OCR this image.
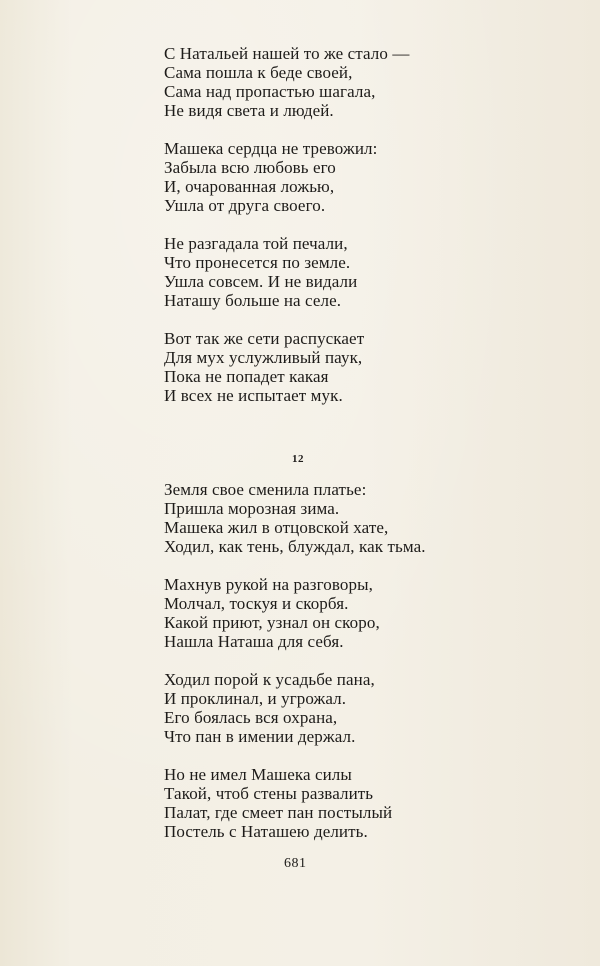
С Натальей нашей то же стало —
Сама пошла к беде своей,
Сама над пропастью шагала,
Не видя света и людей.
Машека сердца не тревожил:
Забыла всю любовь его
И, очарованная ложью,
Ушла от друга своего.
Не разгадала той печали,
Что пронесется по земле.
Ушла совсем. И не видали
Наташу больше на селе.
Вот так же сети распускает
Для мух услужливый паук,
Пока не попадет какая
И всех не испытает мук.
12
Земля свое сменила платье:
Пришла морозная зима.
Машека жил в отцовской хате,
Ходил, как тень, блуждал, как тьма.
Махнув рукой на разговоры,
Молчал, тоскуя и скорбя.
Какой приют, узнал он скоро,
Нашла Наташа для себя.
Ходил порой к усадьбе пана,
И проклинал, и угрожал.
Его боялась вся охрана,
Что пан в имении держал.
Но не имел Машека силы
Такой, чтоб стены развалить
Палат, где смеет пан постылый
Постель с Наташею делить.
681
